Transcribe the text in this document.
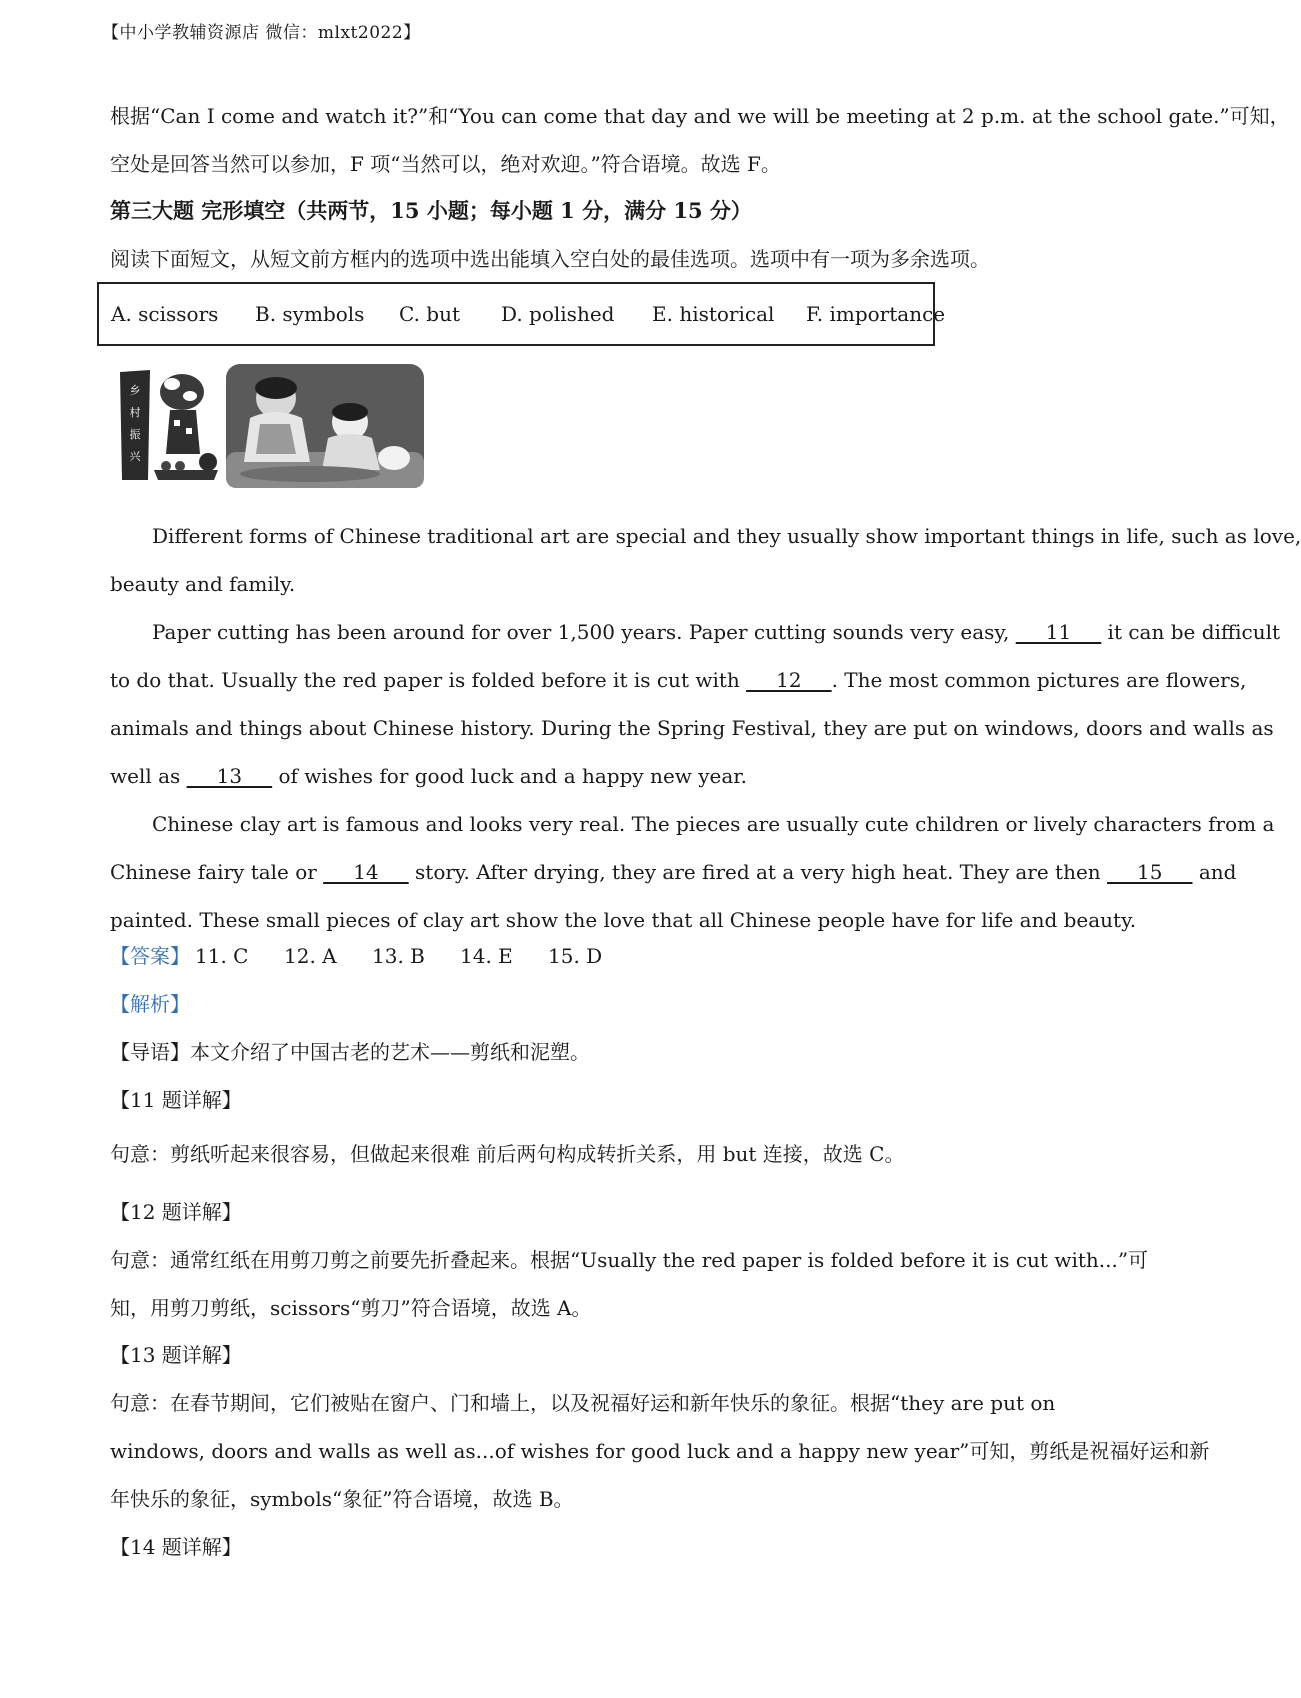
【中小学教辅资源店 微信：mlxt2022】
根据“Can I come and watch it?”和“You can come that day and we will be meeting at 2 p.m. at the school gate.”可知，
空处是回答当然可以参加，F 项“当然可以，绝对欢迎。”符合语境。故选 F。
第三大题 完形填空（共两节，15 小题；每小题 1 分，满分 15 分）
阅读下面短文，从短文前方框内的选项中选出能填入空白处的最佳选项。选项中有一项为多余选项。
A. scissors B. symbols C. but D. polished E. historical F. importance
乡
村
振
兴
Different forms of Chinese traditional art are special and they usually show important things in life, such as love,
beauty and family.
Paper cutting has been around for over 1,500 years. Paper cutting sounds very easy, ___11___ it can be difficult
to do that. Usually the red paper is folded before it is cut with ___12___. The most common pictures are flowers,
animals and things about Chinese history. During the Spring Festival, they are put on windows, doors and walls as
well as ___13___ of wishes for good luck and a happy new year.
Chinese clay art is famous and looks very real. The pieces are usually cute children or lively characters from a
Chinese fairy tale or ___14___ story. After drying, they are fired at a very high heat. They are then ___15___ and
painted. These small pieces of clay art show the love that all Chinese people have for life and beauty.
【答案】 11. C 12. A 13. B 14. E 15. D
【解析】
【导语】本文介绍了中国古老的艺术——剪纸和泥塑。
【11 题详解】
句意：剪纸听起来很容易，但做起来很难 前后两句构成转折关系，用 but 连接，故选 C。
【12 题详解】
句意：通常红纸在用剪刀剪之前要先折叠起来。根据“Usually the red paper is folded before it is cut with...”可
知，用剪刀剪纸，scissors“剪刀”符合语境，故选 A。
【13 题详解】
句意：在春节期间，它们被贴在窗户、门和墙上，以及祝福好运和新年快乐的象征。根据“they are put on
windows, doors and walls as well as...of wishes for good luck and a happy new year”可知，剪纸是祝福好运和新
年快乐的象征，symbols“象征”符合语境，故选 B。
【14 题详解】
